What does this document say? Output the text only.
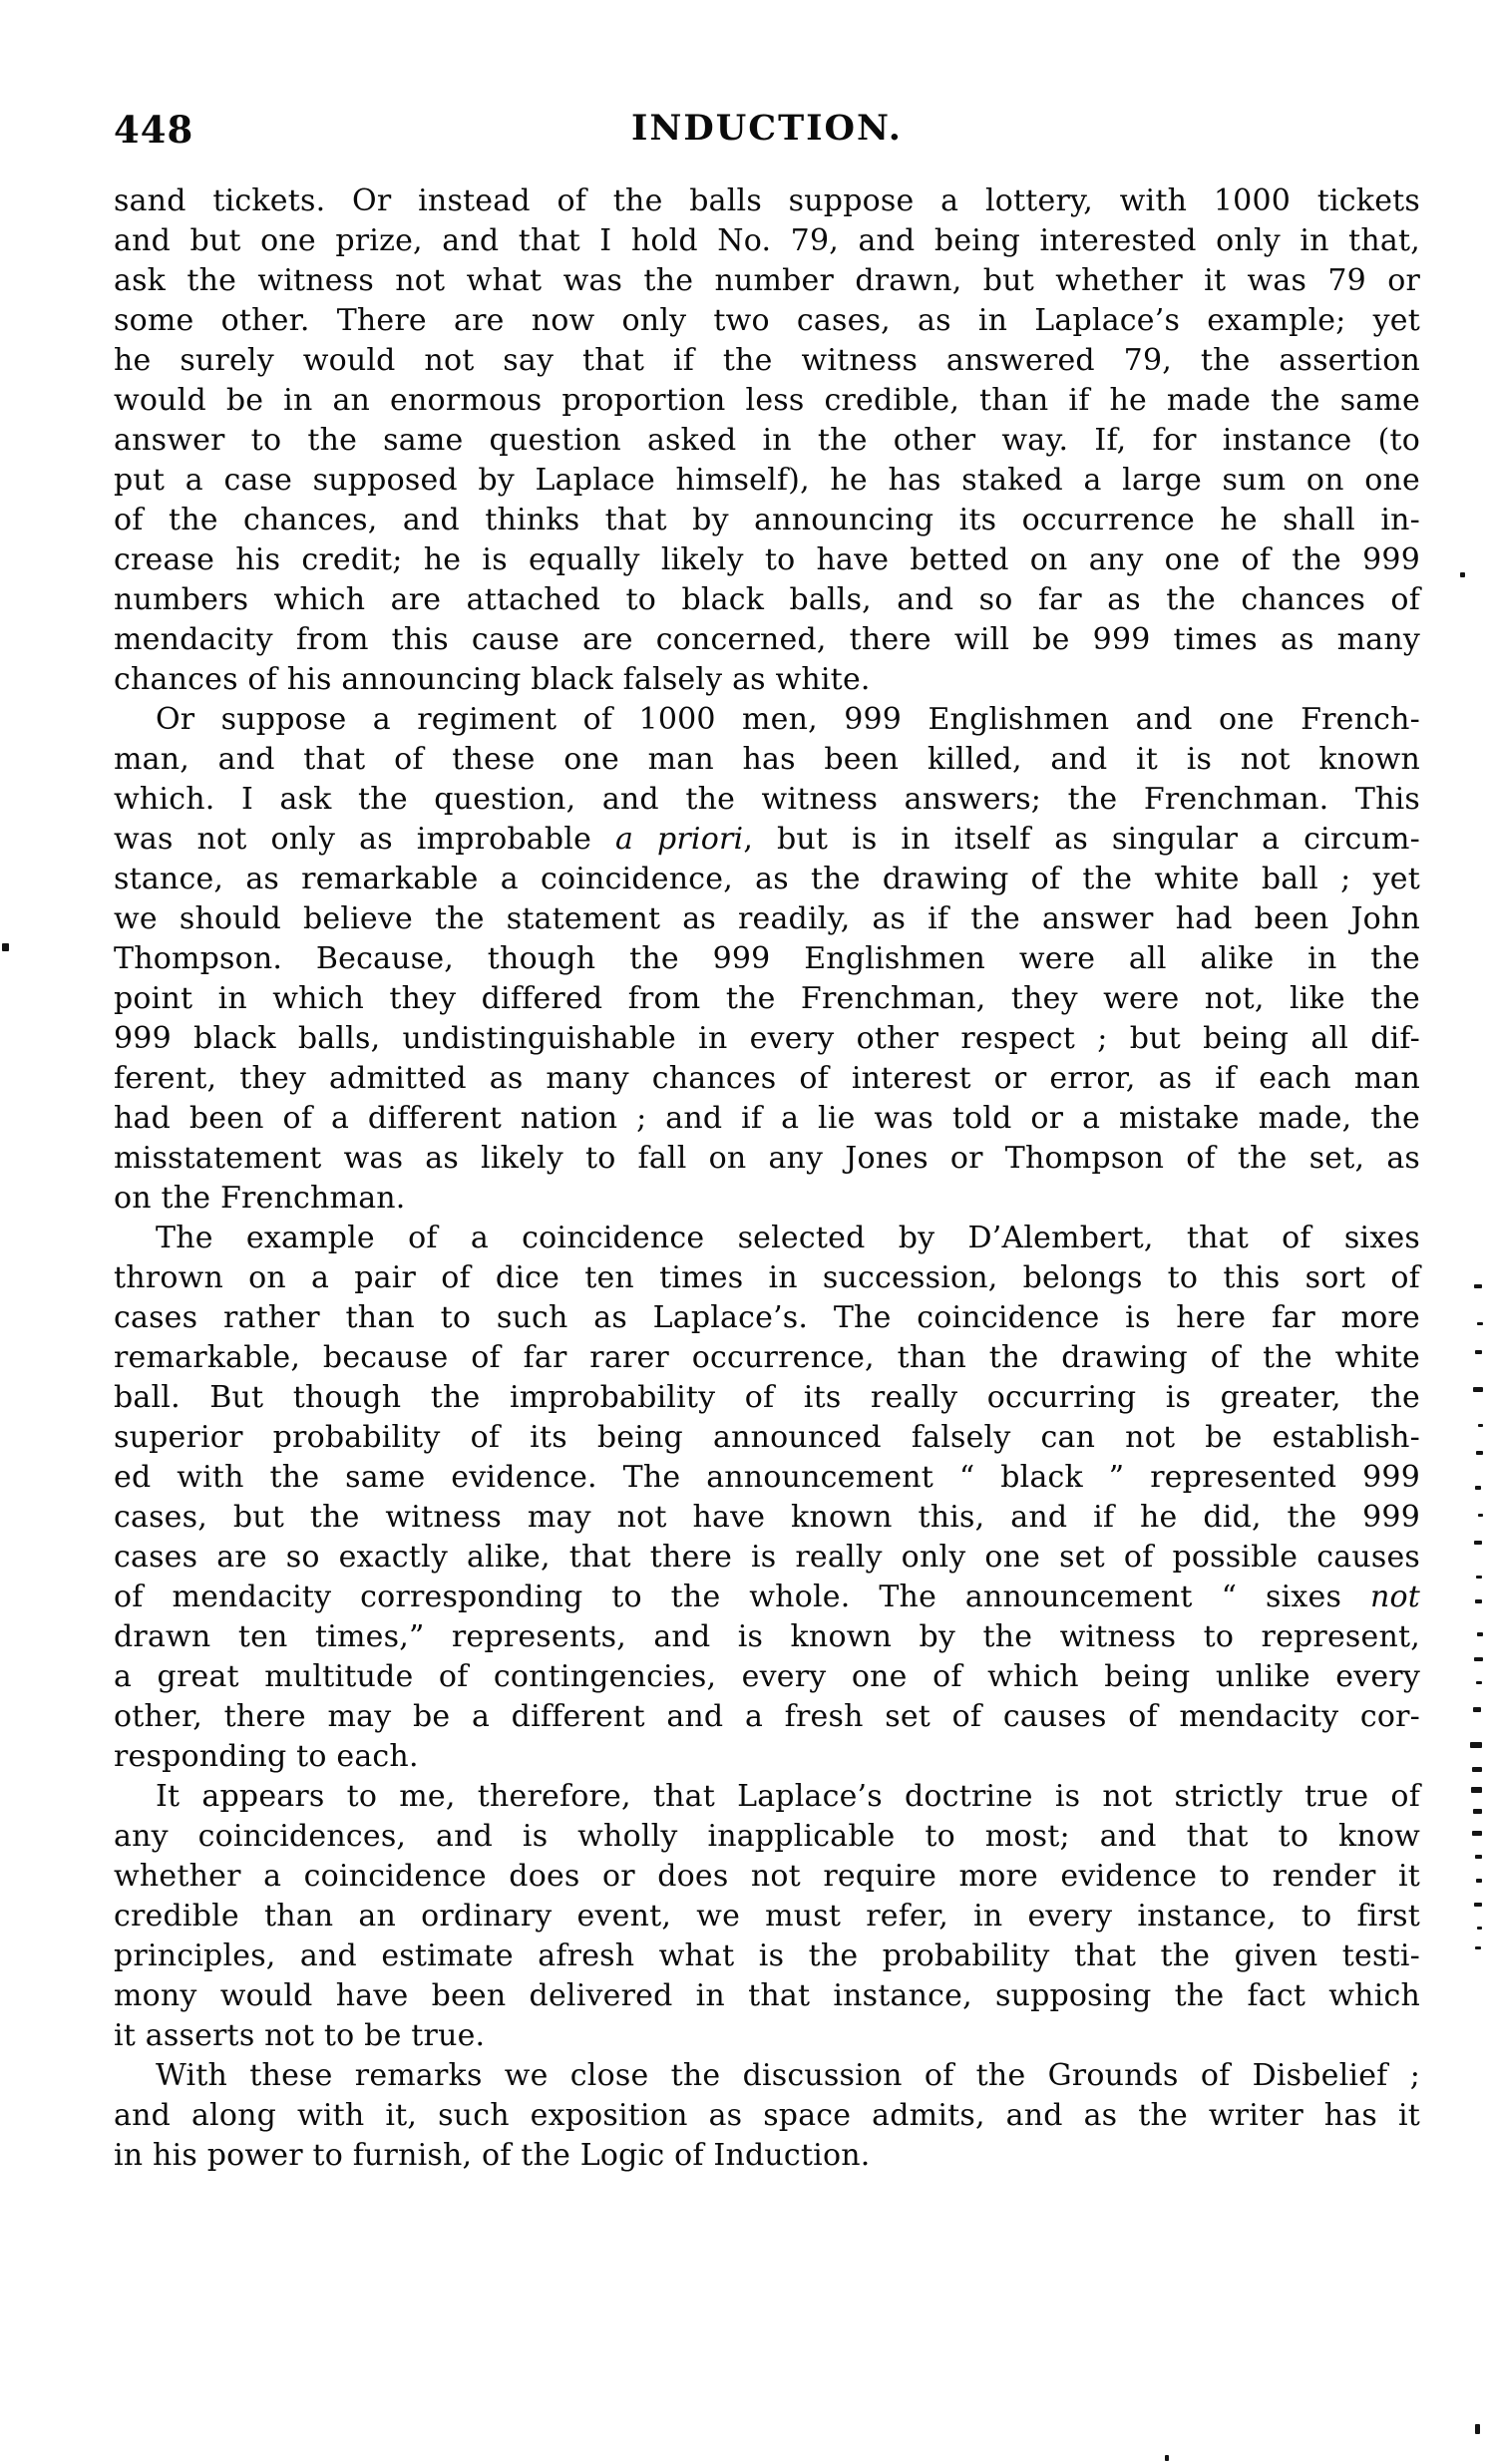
INDUCTION.
448
sand tickets. Or instead of the balls suppose a lottery, with 1000 tickets
and but one prize, and that I hold No. 79, and being interested only in that,
ask the witness not what was the number drawn, but whether it was 79 or
some other. There are now only two cases, as in Laplace’s example; yet
he surely would not say that if the witness answered 79, the assertion
would be in an enormous proportion less credible, than if he made the same
answer to the same question asked in the other way. If, for instance (to
put a case supposed by Laplace himself), he has staked a large sum on one
of the chances, and thinks that by announcing its occurrence he shall in-
crease his credit; he is equally likely to have betted on any one of the 999
numbers which are attached to black balls, and so far as the chances of
mendacity from this cause are concerned, there will be 999 times as many
chances of his announcing black falsely as white.
Or suppose a regiment of 1000 men, 999 Englishmen and one French-
man, and that of these one man has been killed, and it is not known
which. I ask the question, and the witness answers; the Frenchman. This
was not only as improbable a priori, but is in itself as singular a circum-
stance, as remarkable a coincidence, as the drawing of the white ball ; yet
we should believe the statement as readily, as if the answer had been John
Thompson. Because, though the 999 Englishmen were all alike in the
point in which they differed from the Frenchman, they were not, like the
999 black balls, undistinguishable in every other respect ; but being all dif-
ferent, they admitted as many chances of interest or error, as if each man
had been of a different nation ; and if a lie was told or a mistake made, the
misstatement was as likely to fall on any Jones or Thompson of the set, as
on the Frenchman.
The example of a coincidence selected by D’Alembert, that of sixes
thrown on a pair of dice ten times in succession, belongs to this sort of
cases rather than to such as Laplace’s. The coincidence is here far more
remarkable, because of far rarer occurrence, than the drawing of the white
ball. But though the improbability of its really occurring is greater, the
superior probability of its being announced falsely can not be establish-
ed with the same evidence. The announcement “ black ” represented 999
cases, but the witness may not have known this, and if he did, the 999
cases are so exactly alike, that there is really only one set of possible causes
of mendacity corresponding to the whole. The announcement “ sixes not
drawn ten times,” represents, and is known by the witness to represent,
a great multitude of contingencies, every one of which being unlike every
other, there may be a different and a fresh set of causes of mendacity cor-
responding to each.
It appears to me, therefore, that Laplace’s doctrine is not strictly true of
any coincidences, and is wholly inapplicable to most; and that to know
whether a coincidence does or does not require more evidence to render it
credible than an ordinary event, we must refer, in every instance, to first
principles, and estimate afresh what is the probability that the given testi-
mony would have been delivered in that instance, supposing the fact which
it asserts not to be true.
With these remarks we close the discussion of the Grounds of Disbelief ;
and along with it, such exposition as space admits, and as the writer has it
in his power to furnish, of the Logic of Induction.
